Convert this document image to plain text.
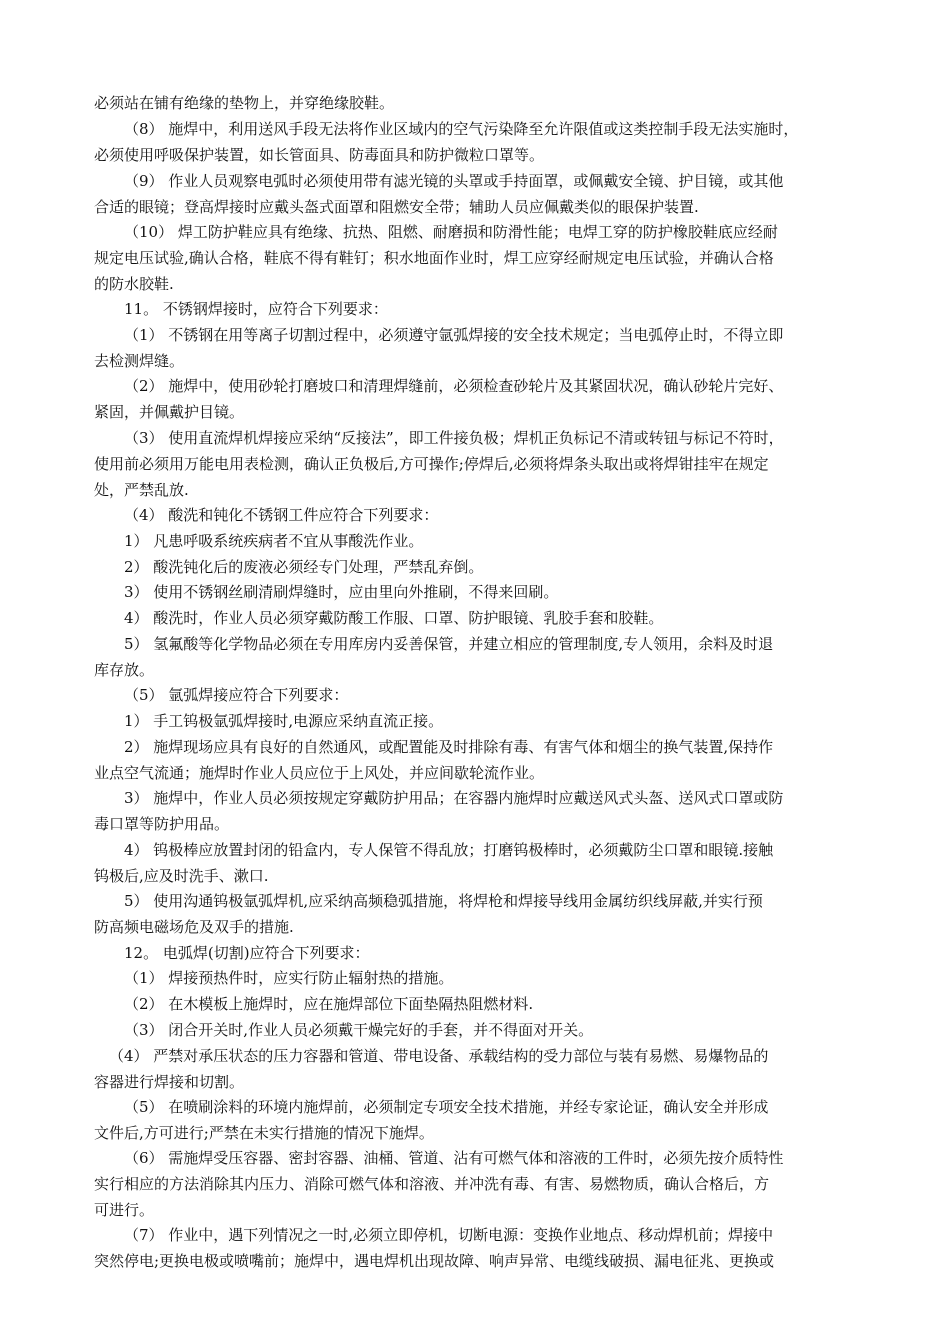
必须站在铺有绝缘的垫物上，并穿绝缘胶鞋。

（8） 施焊中，利用送风手段无法将作业区域内的空气污染降至允许限值或这类控制手段无法实施时，
必须使用呼吸保护装置，如长管面具、防毒面具和防护微粒口罩等。

（9） 作业人员观察电弧时必须使用带有滤光镜的头罩或手持面罩，或佩戴安全镜、护目镜，或其他
合适的眼镜；登高焊接时应戴头盔式面罩和阻燃安全带；辅助人员应佩戴类似的眼保护装置.

（10） 焊工防护鞋应具有绝缘、抗热、阻燃、耐磨损和防滑性能；电焊工穿的防护橡胶鞋底应经耐
规定电压试验,确认合格，鞋底不得有鞋钉；积水地面作业时，焊工应穿经耐规定电压试验，并确认合格
的防水胶鞋.

11。 不锈钢焊接时，应符合下列要求：

（1） 不锈钢在用等离子切割过程中，必须遵守氩弧焊接的安全技术规定；当电弧停止时，不得立即
去检测焊缝。

（2） 施焊中，使用砂轮打磨坡口和清理焊缝前，必须检查砂轮片及其紧固状况，确认砂轮片完好、
紧固，并佩戴护目镜。

（3） 使用直流焊机焊接应采纳“反接法”，即工件接负极；焊机正负标记不清或转钮与标记不符时，
使用前必须用万能电用表检测，确认正负极后,方可操作;停焊后,必须将焊条头取出或将焊钳挂牢在规定
处，严禁乱放.

（4） 酸洗和钝化不锈钢工件应符合下列要求：

1） 凡患呼吸系统疾病者不宜从事酸洗作业。

2） 酸洗钝化后的废液必须经专门处理，严禁乱弃倒。

3） 使用不锈钢丝刷清刷焊缝时，应由里向外推刷，不得来回刷。

4） 酸洗时，作业人员必须穿戴防酸工作服、口罩、防护眼镜、乳胶手套和胶鞋。

5） 氢氟酸等化学物品必须在专用库房内妥善保管，并建立相应的管理制度,专人领用，余料及时退
库存放。

（5） 氩弧焊接应符合下列要求：

1） 手工钨极氩弧焊接时,电源应采纳直流正接。

2） 施焊现场应具有良好的自然通风，或配置能及时排除有毒、有害气体和烟尘的换气装置,保持作
业点空气流通；施焊时作业人员应位于上风处，并应间歇轮流作业。

3） 施焊中，作业人员必须按规定穿戴防护用品；在容器内施焊时应戴送风式头盔、送风式口罩或防
毒口罩等防护用品。

4） 钨极棒应放置封闭的铅盒内，专人保管不得乱放；打磨钨极棒时，必须戴防尘口罩和眼镜.接触
钨极后,应及时洗手、漱口.

5） 使用沟通钨极氩弧焊机,应采纳高频稳弧措施，将焊枪和焊接导线用金属纺织线屏蔽,并实行预
防高频电磁场危及双手的措施.

12。 电弧焊(切割)应符合下列要求：

（1） 焊接预热件时，应实行防止辐射热的措施。

（2） 在木模板上施焊时，应在施焊部位下面垫隔热阻燃材料.

（3） 闭合开关时,作业人员必须戴干燥完好的手套，并不得面对开关。

（4） 严禁对承压状态的压力容器和管道、带电设备、承载结构的受力部位与装有易燃、易爆物品的
容器进行焊接和切割。

（5） 在喷刷涂料的环境内施焊前，必须制定专项安全技术措施，并经专家论证，确认安全并形成
文件后,方可进行;严禁在未实行措施的情况下施焊。

（6） 需施焊受压容器、密封容器、油桶、管道、沾有可燃气体和溶液的工件时，必须先按介质特性
实行相应的方法消除其内压力、消除可燃气体和溶液、并冲洗有毒、有害、易燃物质，确认合格后，方
可进行。

（7） 作业中，遇下列情况之一时,必须立即停机，切断电源：变换作业地点、移动焊机前；焊接中
突然停电;更换电极或喷嘴前；施焊中，遇电焊机出现故障、响声异常、电缆线破损、漏电征兆、更换或
